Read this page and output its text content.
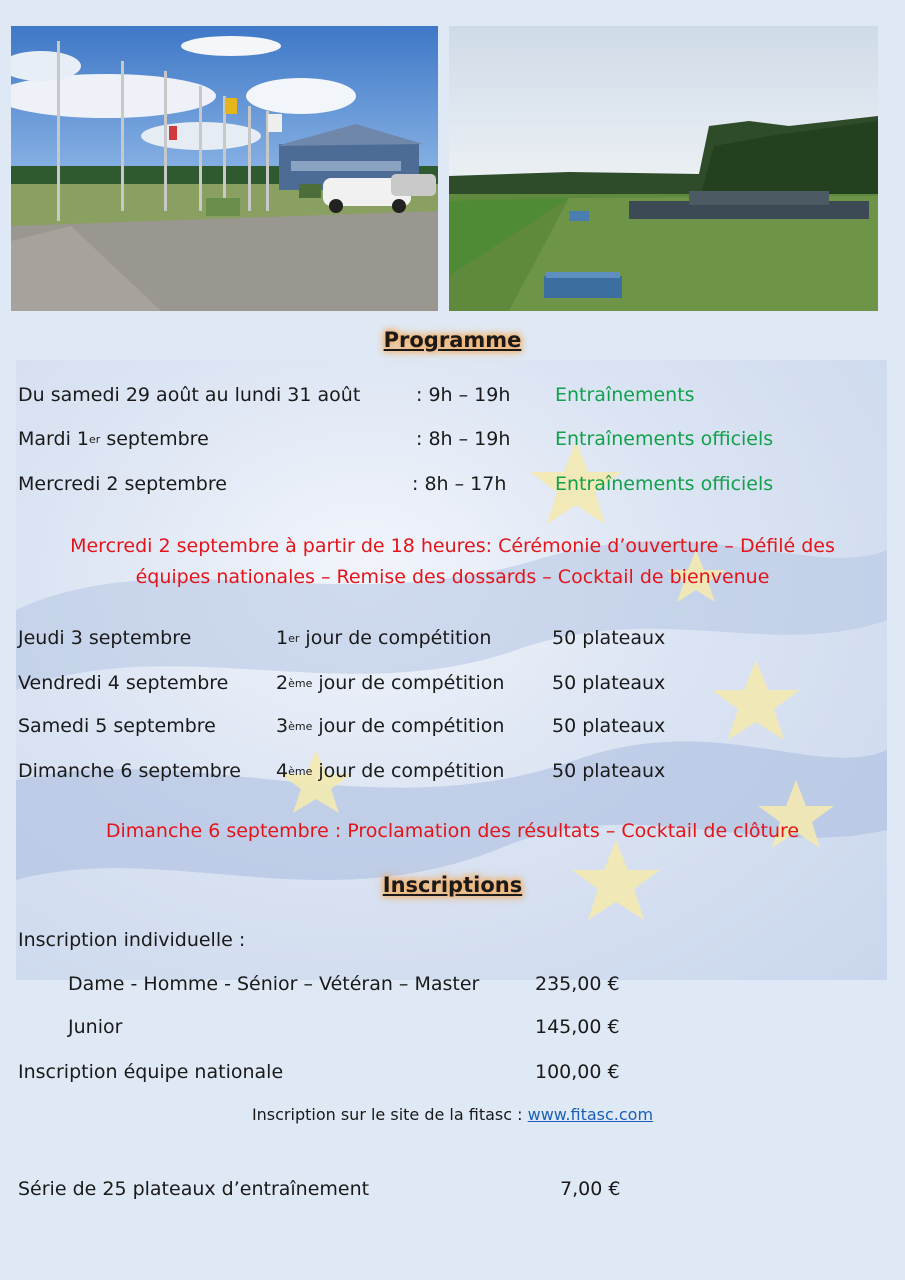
Programme
Du samedi 29 août au lundi 31 août	: 9h – 19h Entraînements
Mardi 1er septembre	: 8h – 19h Entraînements officiels
Mercredi 2 septembre	: 8h – 17h	Entraînements officiels
Mercredi 2 septembre à partir de 18 heures: Cérémonie d’ouverture – Défilé des
équipes nationales – Remise des dossards – Cocktail de bienvenue
Jeudi 3 septembre	1er jour de compétition	50 plateaux
Vendredi 4 septembre	2ème jour de compétition	50 plateaux
Samedi 5 septembre	3ème jour de compétition	50 plateaux
Dimanche 6 septembre 4ème jour de compétition	50 plateaux
Dimanche 6 septembre : Proclamation des résultats – Cocktail de clôture
Inscriptions
Inscription individuelle :
Dame - Homme - Sénior – Vétéran – Master	235,00 €
Junior	145,00 €
Inscription équipe nationale	100,00 €
Inscription sur le site de la fitasc : www.fitasc.com
Série de 25 plateaux d’entraînement	7,00 €
